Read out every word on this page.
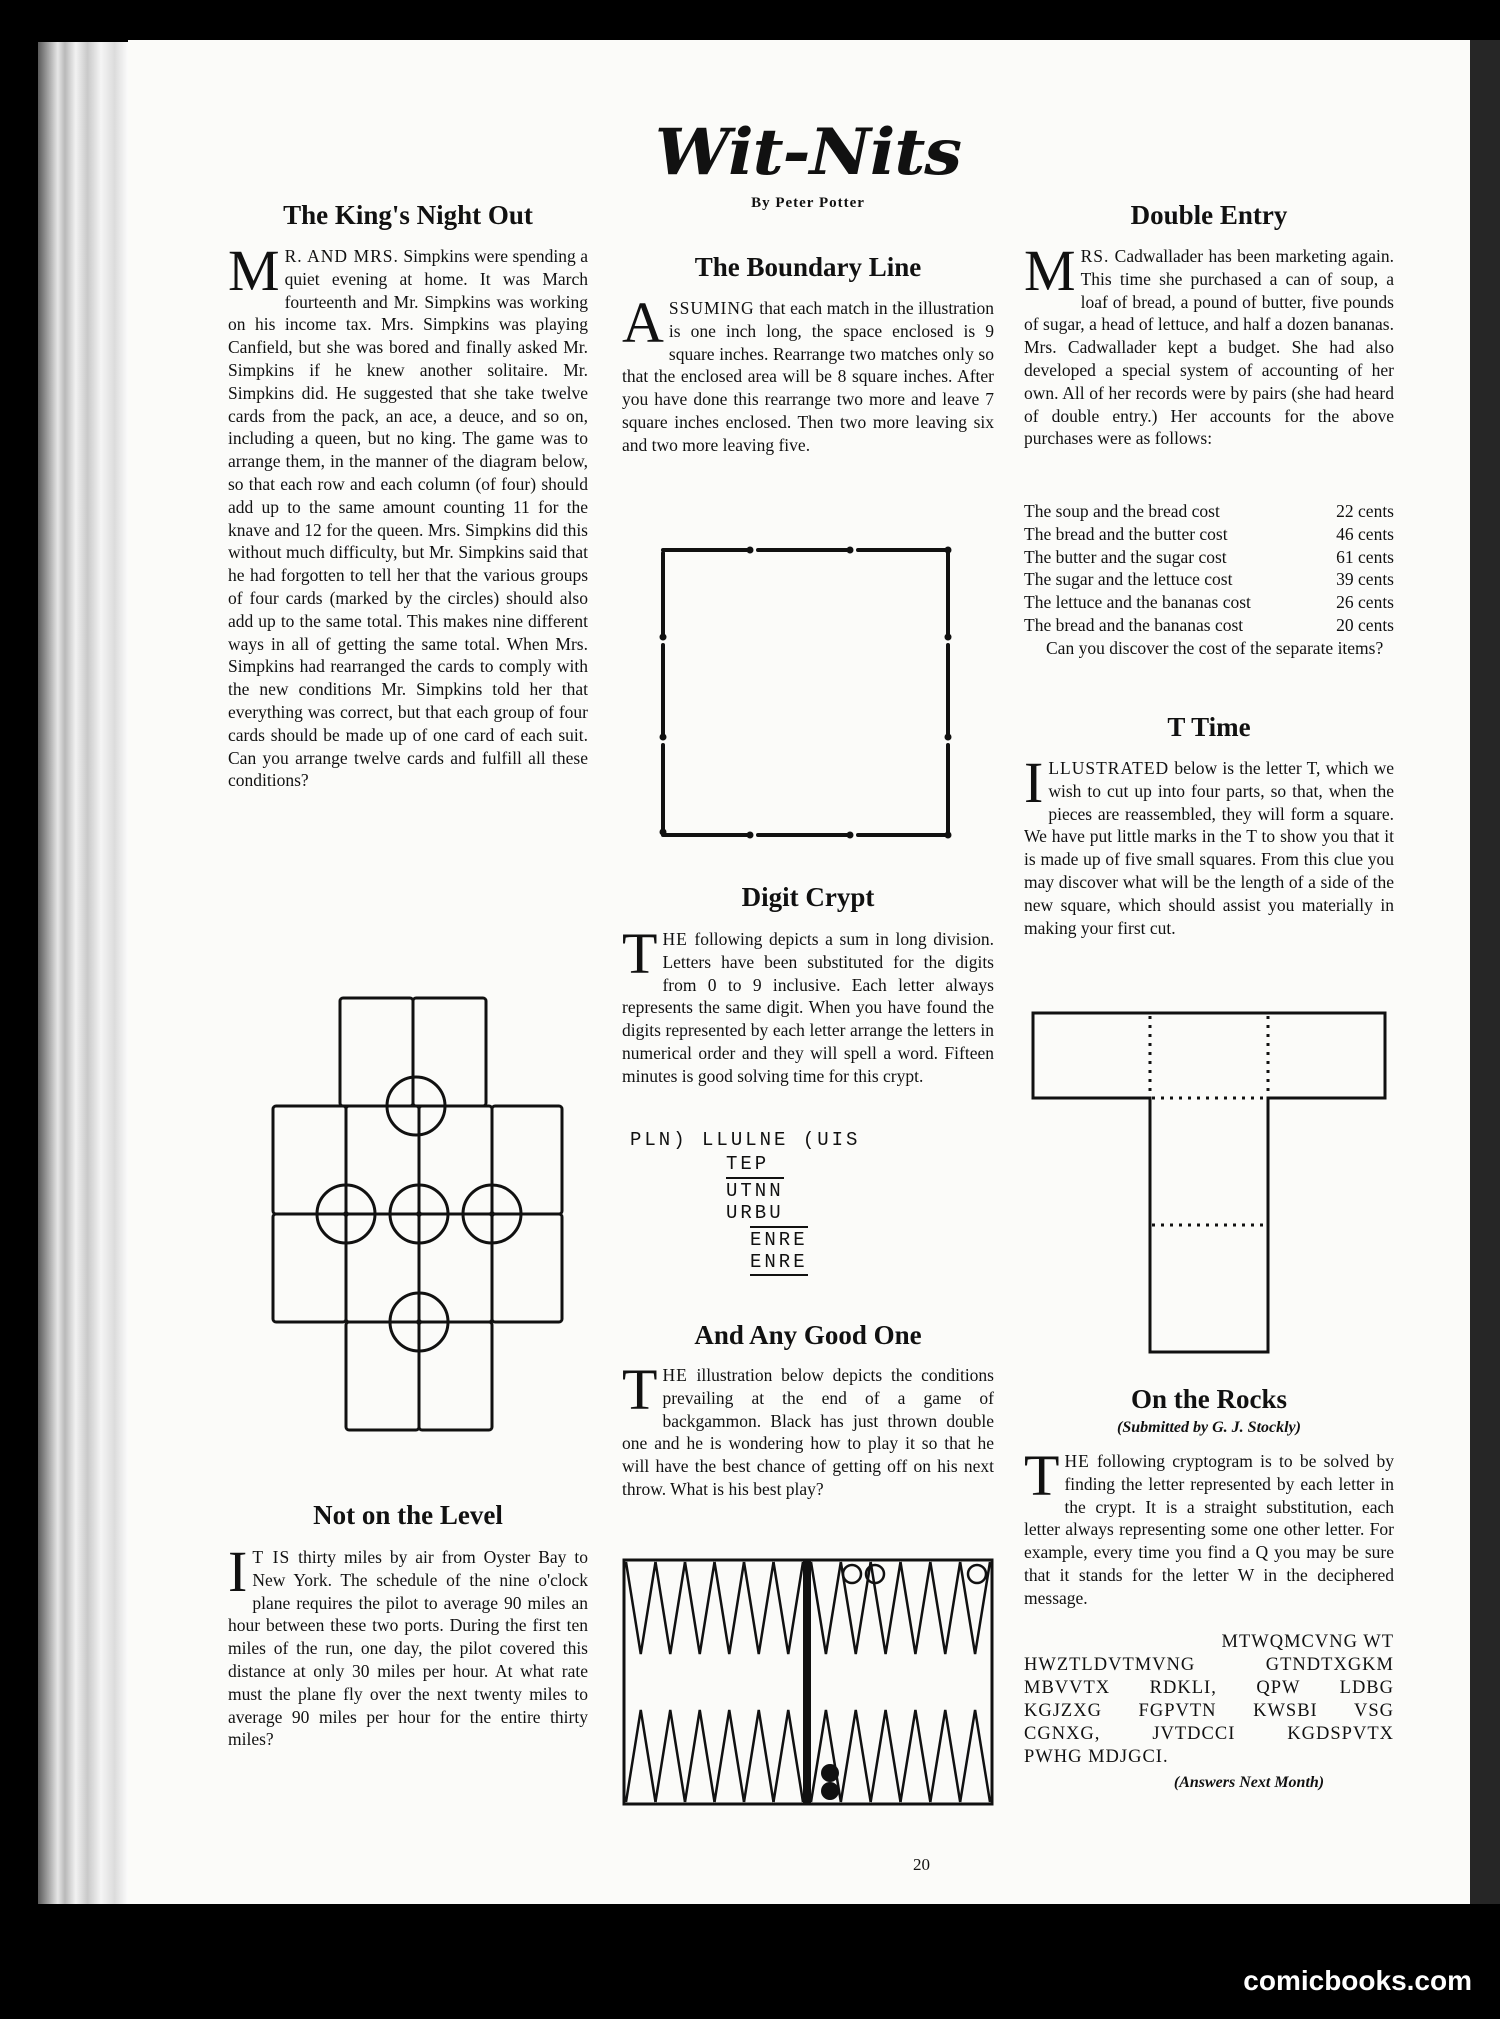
Wit-Nits
By Peter Potter
The King's Night Out

M R. AND MRS. Simpkins were spending a quiet evening at home. It was March fourteenth and Mr. Simpkins was working on his income tax. Mrs. Simpkins was playing Canfield, but she was bored and finally asked Mr. Simpkins if he knew another solitaire. Mr. Simpkins did. He suggested that she take twelve cards from the pack, an ace, a deuce, and so on, including a queen, but no king. The game was to arrange them, in the manner of the diagram below, so that each row and each column (of four) should add up to the same amount counting 11 for the knave and 12 for the queen. Mrs. Simpkins did this without much difficulty, but Mr. Simpkins said that he had forgotten to tell her that the various groups of four cards (marked by the circles) should also add up to the same total. This makes nine different ways in all of getting the same total. When Mrs. Simpkins had rearranged the cards to comply with the new conditions Mr. Simpkins told her that everything was correct, but that each group of four cards should be made up of one card of each suit. Can you arrange twelve cards and fulfill all these conditions?

Not on the Level

I T IS thirty miles by air from Oyster Bay to New York. The schedule of the nine o'clock plane requires the pilot to average 90 miles an hour between these two ports. During the first ten miles of the run, one day, the pilot covered this distance at only 30 miles per hour. At what rate must the plane fly over the next twenty miles to average 90 miles per hour for the entire thirty miles?

The Boundary Line

ASSUMING that each match in the illustration is one inch long, the space enclosed is 9 square inches. Rearrange two matches only so that the enclosed area will be 8 square inches. After you have done this rearrange two more and leave 7 square inches enclosed. Then two more leaving six and two more leaving five.

Digit Crypt

THE following depicts a sum in long division. Letters have been substituted for the digits from 0 to 9 inclusive. Each letter always represents the same digit. When you have found the digits represented by each letter arrange the letters in numerical order and they will spell a word. Fifteen minutes is good solving time for this crypt.

PLN) LLULNE (UIS
TEP
UTNN
URBU
ENRE
ENRE
And Any Good One

THE illustration below depicts the conditions prevailing at the end of a game of backgammon. Black has just thrown double one and he is wondering how to play it so that he will have the best chance of getting off on his next throw. What is his best play?

Double Entry

MRS. Cadwallader has been marketing again. This time she purchased a can of soup, a loaf of bread, a pound of butter, five pounds of sugar, a head of lettuce, and half a dozen bananas. Mrs. Cadwallader kept a budget. She had also developed a special system of accounting of her own. All of her records were by pairs (she had heard of double entry.) Her accounts for the above purchases were as follows:

The soup and the bread cost	22 cents
The bread and the butter cost	46 cents
The butter and the sugar cost	61 cents
The sugar and the lettuce cost	39 cents
The lettuce and the bananas cost	26 cents
The bread and the bananas cost	20 cents

Can you discover the cost of the separate items?

T Time

ILLUSTRATED below is the letter T, which we wish to cut up into four parts, so that, when the pieces are reassembled, they will form a square. We have put little marks in the T to show you that it is made up of five small squares. From this clue you may discover what will be the length of a side of the new square, which should assist you materially in making your first cut.

On the Rocks
(Submitted by G. J. Stockly)

THE following cryptogram is to be solved by finding the letter represented by each letter in the crypt. It is a straight substitution, each letter always representing some one other letter. For example, every time you find a Q you may be sure that it stands for the letter W in the deciphered message.

MTWQMCVNG WT
HWZTLDVTMVNG GTNDTXGKM
MBVVTX RDKLI, QPW LDBG
KGJZXG FGPVTN KWSBI VSG
CGNXG, JVTDCCI KGDSPVTX
PWHG MDJGCI.
(Answers Next Month)
20
comicbooks.com
